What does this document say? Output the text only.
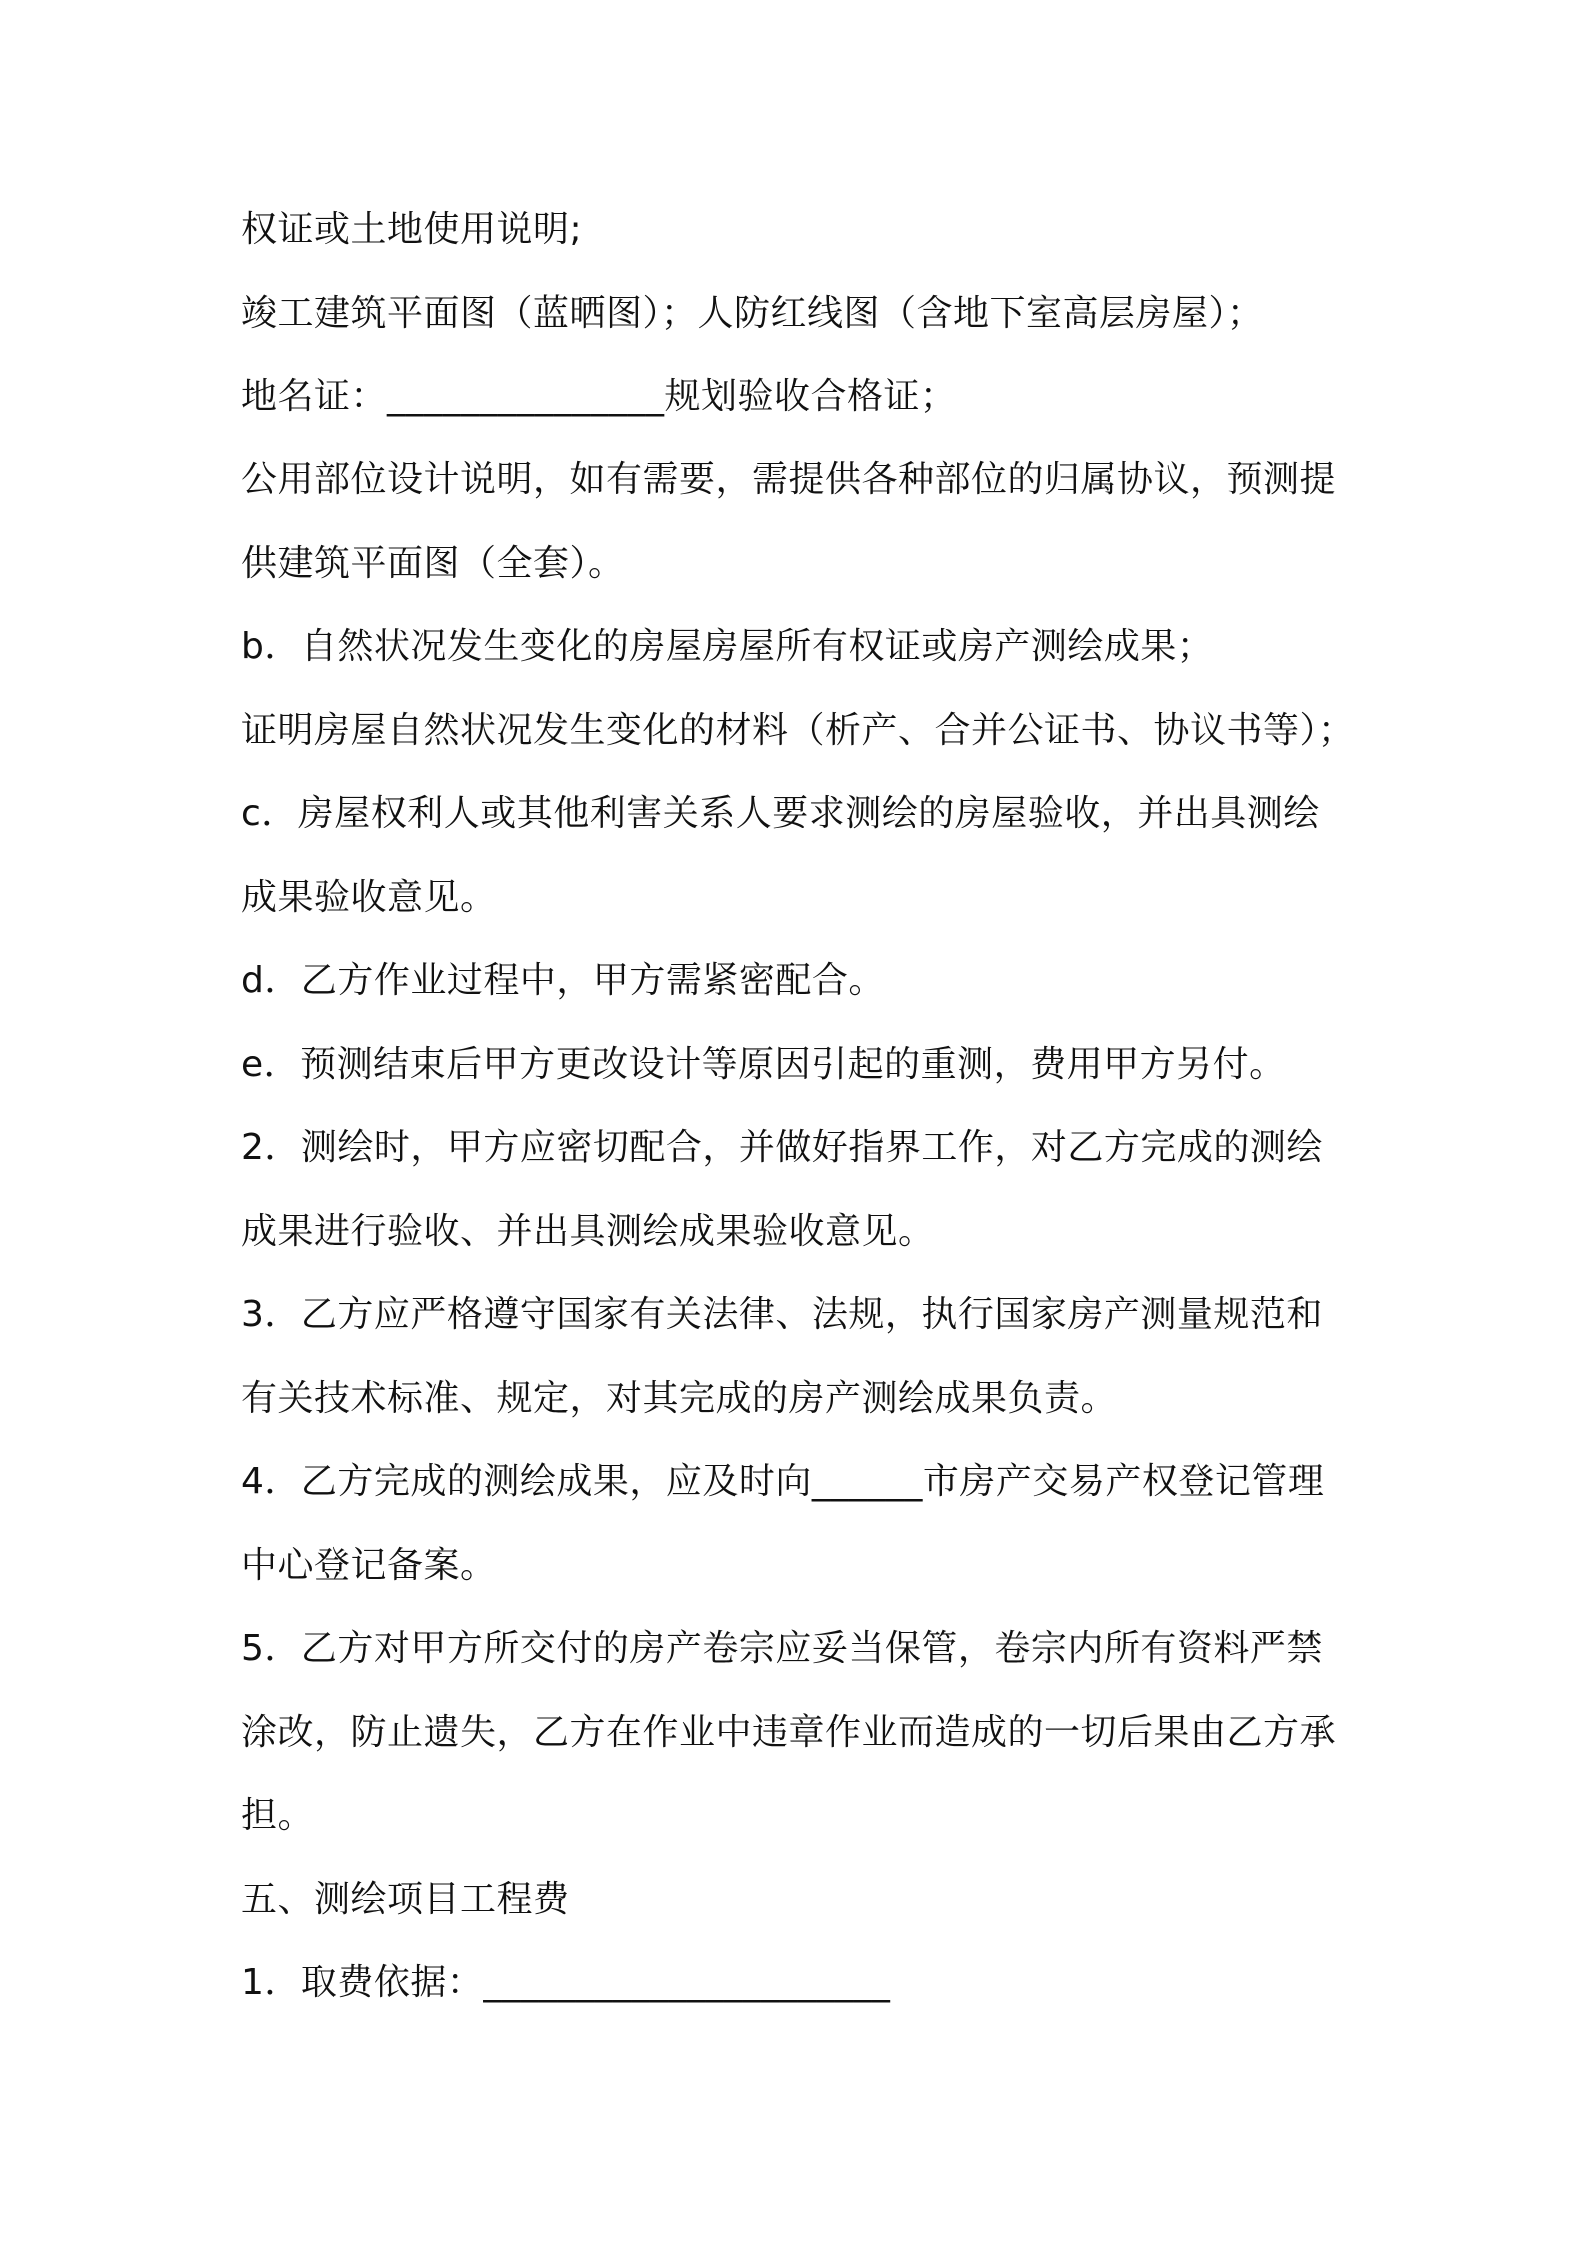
权证或土地使用说明;
竣工建筑平面图（蓝晒图）；人防红线图（含地下室高层房屋）；
地名证：_______________规划验收合格证；
公用部位设计说明，如有需要，需提供各种部位的归属协议，预测提
供建筑平面图（全套）。
b．自然状况发生变化的房屋房屋所有权证或房产测绘成果；
证明房屋自然状况发生变化的材料（析产、合并公证书、协议书等）；
c．房屋权利人或其他利害关系人要求测绘的房屋验收，并出具测绘
成果验收意见。
d．乙方作业过程中，甲方需紧密配合。
e．预测结束后甲方更改设计等原因引起的重测，费用甲方另付。
2．测绘时，甲方应密切配合，并做好指界工作，对乙方完成的测绘
成果进行验收、并出具测绘成果验收意见。
3．乙方应严格遵守国家有关法律、法规，执行国家房产测量规范和
有关技术标准、规定，对其完成的房产测绘成果负责。
4．乙方完成的测绘成果，应及时向______市房产交易产权登记管理
中心登记备案。
5．乙方对甲方所交付的房产卷宗应妥当保管，卷宗内所有资料严禁
涂改，防止遗失，乙方在作业中违章作业而造成的一切后果由乙方承
担。
五、测绘项目工程费
1．取费依据：______________________
